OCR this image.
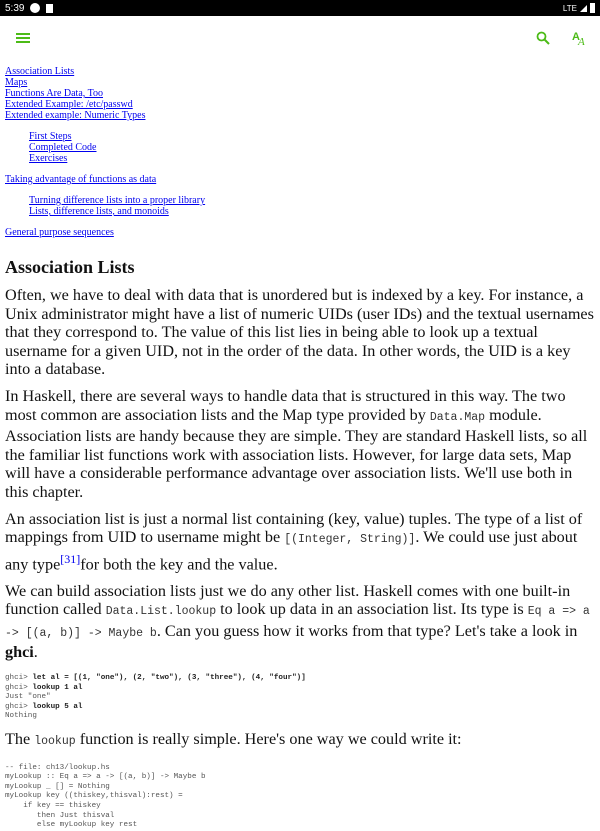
5:39	LTE
A
A
Association Lists
Maps
Functions Are Data, Too
Extended Example: /etc/passwd
Extended example: Numeric Types
First Steps
Completed Code
Exercises
Taking advantage of functions as data
Turning difference lists into a proper library
Lists, difference lists, and monoids
General purpose sequences
Association Lists

Often, we have to deal with data that is unordered but is indexed by a key. For instance, a Unix administrator might have a list of numeric UIDs (user IDs) and the textual usernames that they correspond to. The value of this list lies in being able to look up a textual username for a given UID, not in the order of the data. In other words, the UID is a key into a database.

In Haskell, there are several ways to handle data that is structured in this way. The two most common are association lists and the Map type provided by Data.Map module. Association lists are handy because they are simple. They are standard Haskell lists, so all the familiar list functions work with association lists. However, for large data sets, Map will have a considerable performance advantage over association lists. We'll use both in this chapter.

An association list is just a normal list containing (key, value) tuples. The type of a list of mappings from UID to username might be [(Integer, String)]. We could use just about any type[31]for both the key and the value.

We can build association lists just we do any other list. Haskell comes with one built-in function called Data.List.lookup to look up data in an association list. Its type is Eq a => a -> [(a, b)] -> Maybe b. Can you guess how it works from that type? Let's take a look in ghci.

ghci> let al = [(1, "one"), (2, "two"), (3, "three"), (4, "four")]
ghci> lookup 1 al
Just "one"
ghci> lookup 5 al
Nothing

The lookup function is really simple. Here's one way we could write it:

-- file: ch13/lookup.hs
myLookup :: Eq a => a -> [(a, b)] -> Maybe b
myLookup _ [] = Nothing
myLookup key ((thiskey,thisval):rest) =
if key == thiskey
then Just thisval
else myLookup key rest
